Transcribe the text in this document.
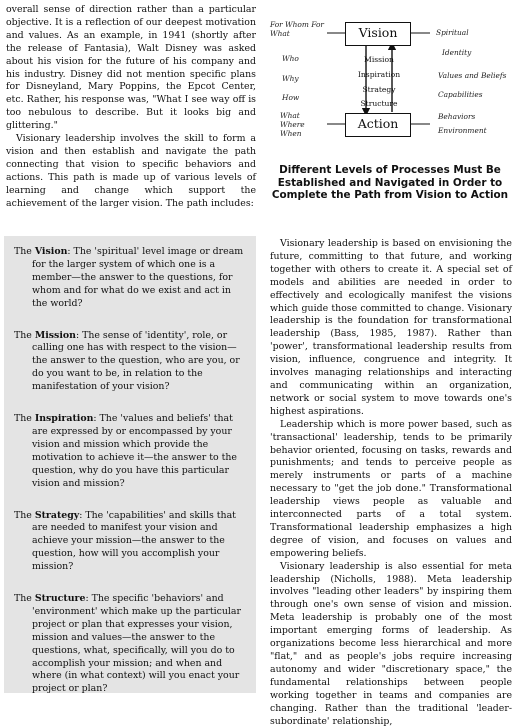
overall sense of direction rather than a particular objective. It is a reflection of our deepest motivation and values. As an example, in 1941 (shortly after the release of Fantasia), Walt Disney was asked about his vision for the future of his company and his industry. Disney did not mention specific plans for Disneyland, Mary Poppins, the Epcot Center, etc. Rather, his response was, "What I see way off is too nebulous to describe. But it looks big and glittering."

Visionary leadership involves the skill to form a vision and then establish and navigate the path connecting that vision to specific behaviors and actions. This path is made up of various levels of learning and change which support the achievement of the larger vision. The path includes:

The Vision: The 'spiritual' level image or dream for the larger system of which one is a member—the answer to the questions, for whom and for what do we exist and act in the world?
The Mission: The sense of 'identity', role, or calling one has with respect to the vision—the answer to the question, who are you, or do you want to be, in relation to the manifestation of your vision?
The Inspiration: The 'values and beliefs' that are expressed by or encompassed by your vision and mission which provide the motivation to achieve it—the answer to the question, why do you have this particular vision and mission?
The Strategy: The 'capabilities' and skills that are needed to manifest your vision and achieve your mission—the answer to the question, how will you accomplish your mission?
The Structure: The specific 'behaviors' and 'environment' which make up the particular project or plan that expresses your vision, mission and values—the answer to the questions, what, specifically, will you do to accomplish your mission; and when and where (in what context) will you enact your project or plan?
For Whom For What
Who
Why
How
What Where When
Vision
Action
Mission
Inspiration
Strategy
Structure
Spiritual
Identity
Values and Beliefs
Capabilities
Behaviors
Environment
Different Levels of Processes Must Be Established and Navigated in Order to Complete the Path from Vision to Action

Visionary leadership is based on envisioning the future, committing to that future, and working together with others to create it. A special set of models and abilities are needed in order to effectively and ecologically manifest the visions which guide those committed to change. Visionary leadership is the foundation for transformational leadership (Bass, 1985, 1987). Rather than 'power', transformational leadership results from vision, influence, congruence and integrity. It involves managing relationships and interacting and communicating within an organization, network or social system to move towards one's highest aspirations.

Leadership which is more power based, such as 'transactional' leadership, tends to be primarily behavior oriented, focusing on tasks, rewards and punishments; and tends to perceive people as merely instruments or parts of a machine necessary to "get the job done." Transformational leadership views people as valuable and interconnected parts of a total system. Transformational leadership emphasizes a high degree of vision, and focuses on values and empowering beliefs.

Visionary leadership is also essential for meta leadership (Nicholls, 1988). Meta leadership involves "leading other leaders" by inspiring them through one's own sense of vision and mission. Meta leadership is probably one of the most important emerging forms of leadership. As organizations become less hierarchical and more "flat," and as people's jobs require increasing autonomy and wider "discretionary space," the fundamental relationships between people working together in teams and companies are changing. Rather than the traditional 'leader-subordinate' relationship,
